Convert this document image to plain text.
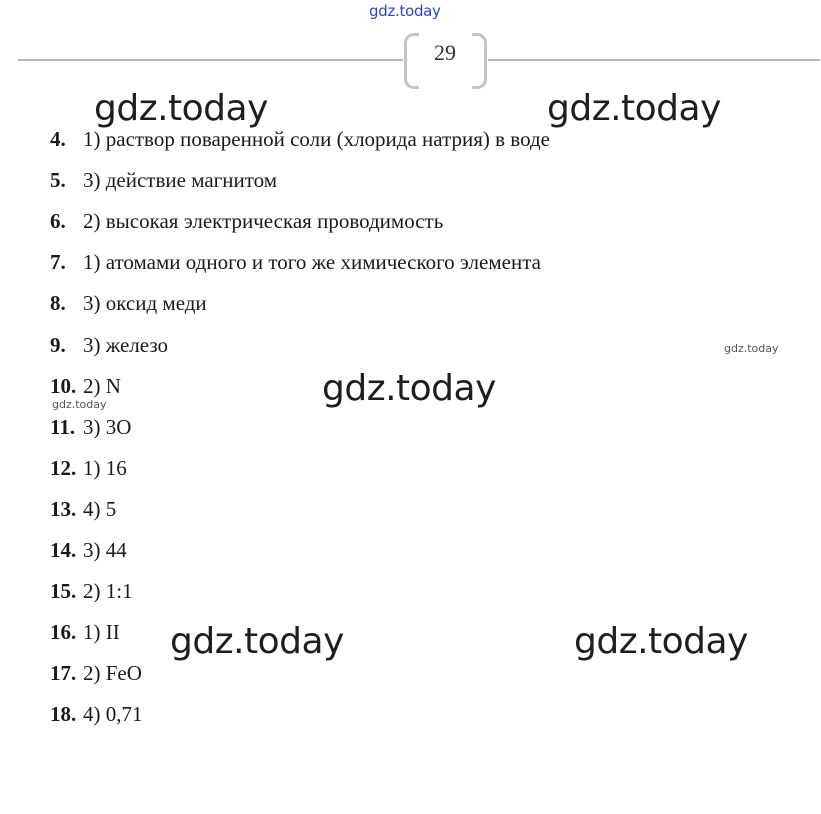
gdz.today
29
gdz.today	gdz.today
gdz.today
gdz.today	gdz.today
gdz.today
gdz.today
4. 1) раствор поваренной соли (хлорида натрия) в воде
5. 3) действие магнитом
6. 2) высокая электрическая проводимость
7. 1) атомами одного и того же химического элемента
8. 3) оксид меди
9. 3) железо
10. 2) N
11. 3) 3O
12. 1) 16
13. 4) 5
14. 3) 44
15. 2) 1:1
16. 1) II
17. 2) FeO
18. 4) 0,71
